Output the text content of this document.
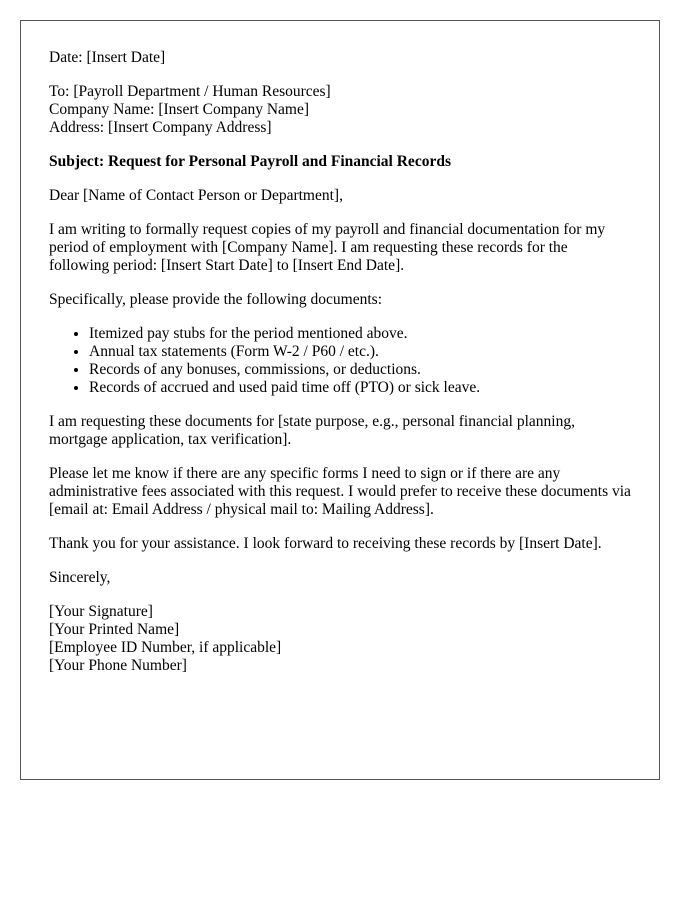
Date: [Insert Date]

To: [Payroll Department / Human Resources]
Company Name: [Insert Company Name]
Address: [Insert Company Address]

Subject: Request for Personal Payroll and Financial Records

Dear [Name of Contact Person or Department],

I am writing to formally request copies of my payroll and financial documentation for my period of employment with [Company Name]. I am requesting these records for the following period: [Insert Start Date] to [Insert End Date].

Specifically, please provide the following documents:

• Itemized pay stubs for the period mentioned above.
• Annual tax statements (Form W-2 / P60 / etc.).
• Records of any bonuses, commissions, or deductions.
• Records of accrued and used paid time off (PTO) or sick leave.

I am requesting these documents for [state purpose, e.g., personal financial planning, mortgage application, tax verification].

Please let me know if there are any specific forms I need to sign or if there are any administrative fees associated with this request. I would prefer to receive these documents via [email at: Email Address / physical mail to: Mailing Address].

Thank you for your assistance. I look forward to receiving these records by [Insert Date].

Sincerely,

[Your Signature]
[Your Printed Name]
[Employee ID Number, if applicable]
[Your Phone Number]
